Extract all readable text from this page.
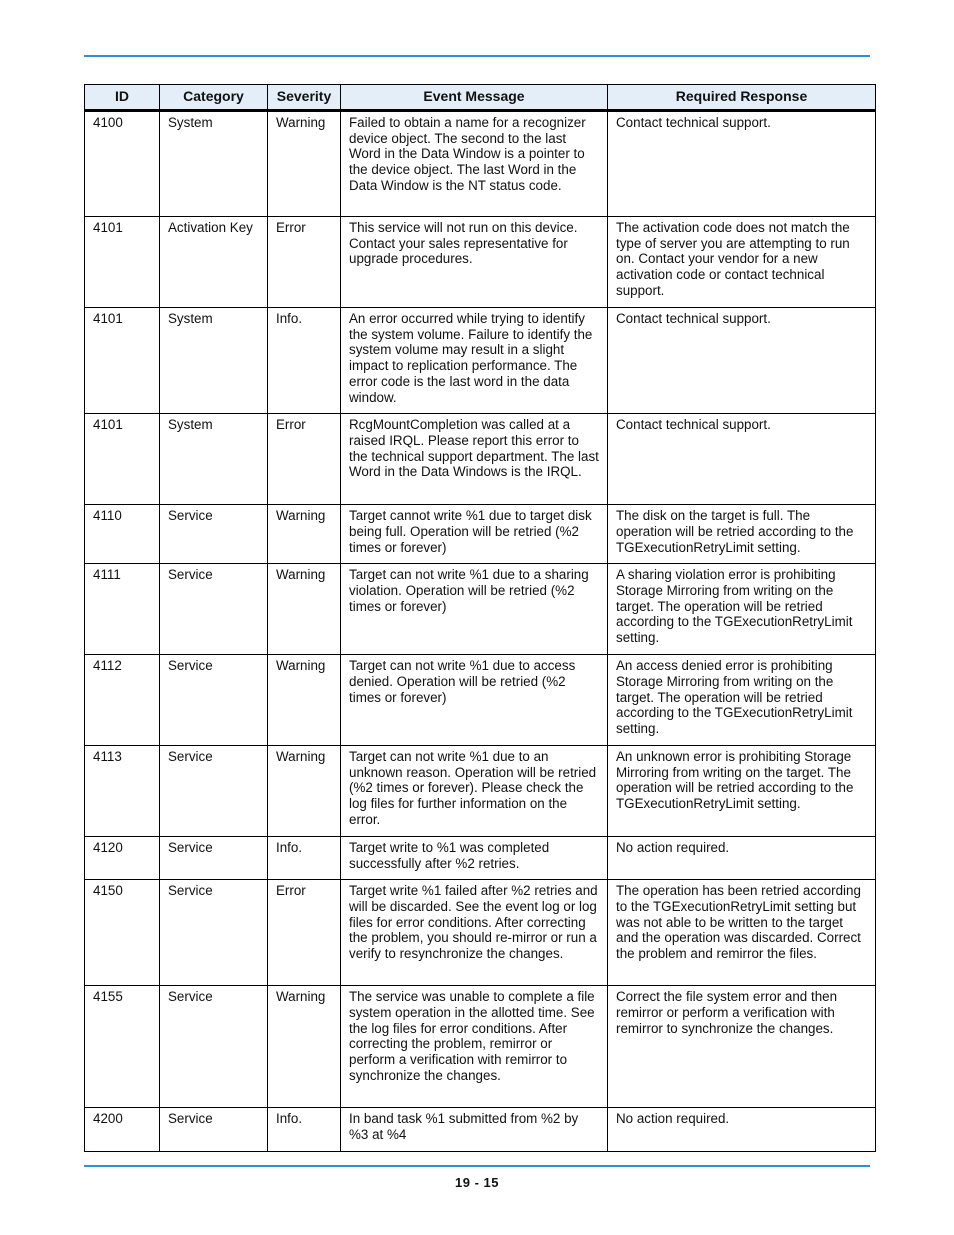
ID	Category	Severity	Event Message	Required Response
4100	System	Warning	Failed to obtain a name for a recognizer device object. The second to the last Word in the Data Window is a pointer to the device object. The last Word in the Data Window is the NT status code.	Contact technical support.
4101	Activation Key	Error	This service will not run on this device. Contact your sales representative for upgrade procedures.	The activation code does not match the type of server you are attempting to run on. Contact your vendor for a new activation code or contact technical support.
4101	System	Info.	An error occurred while trying to identify the system volume. Failure to identify the system volume may result in a slight impact to replication performance. The error code is the last word in the data window.	Contact technical support.
4101	System	Error	RcgMountCompletion was called at a raised IRQL. Please report this error to the technical support department. The last Word in the Data Windows is the IRQL.	Contact technical support.
4110	Service	Warning	Target cannot write %1 due to target disk being full. Operation will be retried (%2 times or forever)	The disk on the target is full. The operation will be retried according to the TGExecutionRetryLimit setting.
4111	Service	Warning	Target can not write %1 due to a sharing violation. Operation will be retried (%2 times or forever)	A sharing violation error is prohibiting Storage Mirroring from writing on the target. The operation will be retried according to the TGExecutionRetryLimit setting.
4112	Service	Warning	Target can not write %1 due to access denied. Operation will be retried (%2 times or forever)	An access denied error is prohibiting Storage Mirroring from writing on the target. The operation will be retried according to the TGExecutionRetryLimit setting.
4113	Service	Warning	Target can not write %1 due to an unknown reason. Operation will be retried (%2 times or forever). Please check the log files for further information on the error.	An unknown error is prohibiting Storage Mirroring from writing on the target. The operation will be retried according to the TGExecutionRetryLimit setting.
4120	Service	Info.	Target write to %1 was completed successfully after %2 retries.	No action required.
4150	Service	Error	Target write %1 failed after %2 retries and will be discarded. See the event log or log files for error conditions. After correcting the problem, you should re-mirror or run a verify to resynchronize the changes.	The operation has been retried according to the TGExecutionRetryLimit setting but was not able to be written to the target and the operation was discarded. Correct the problem and remirror the files.
4155	Service	Warning	The service was unable to complete a file system operation in the allotted time. See the log files for error conditions. After correcting the problem, remirror or perform a verification with remirror to synchronize the changes.	Correct the file system error and then remirror or perform a verification with remirror to synchronize the changes.
4200	Service	Info.	In band task %1 submitted from %2 by %3 at %4	No action required.
19 - 15
